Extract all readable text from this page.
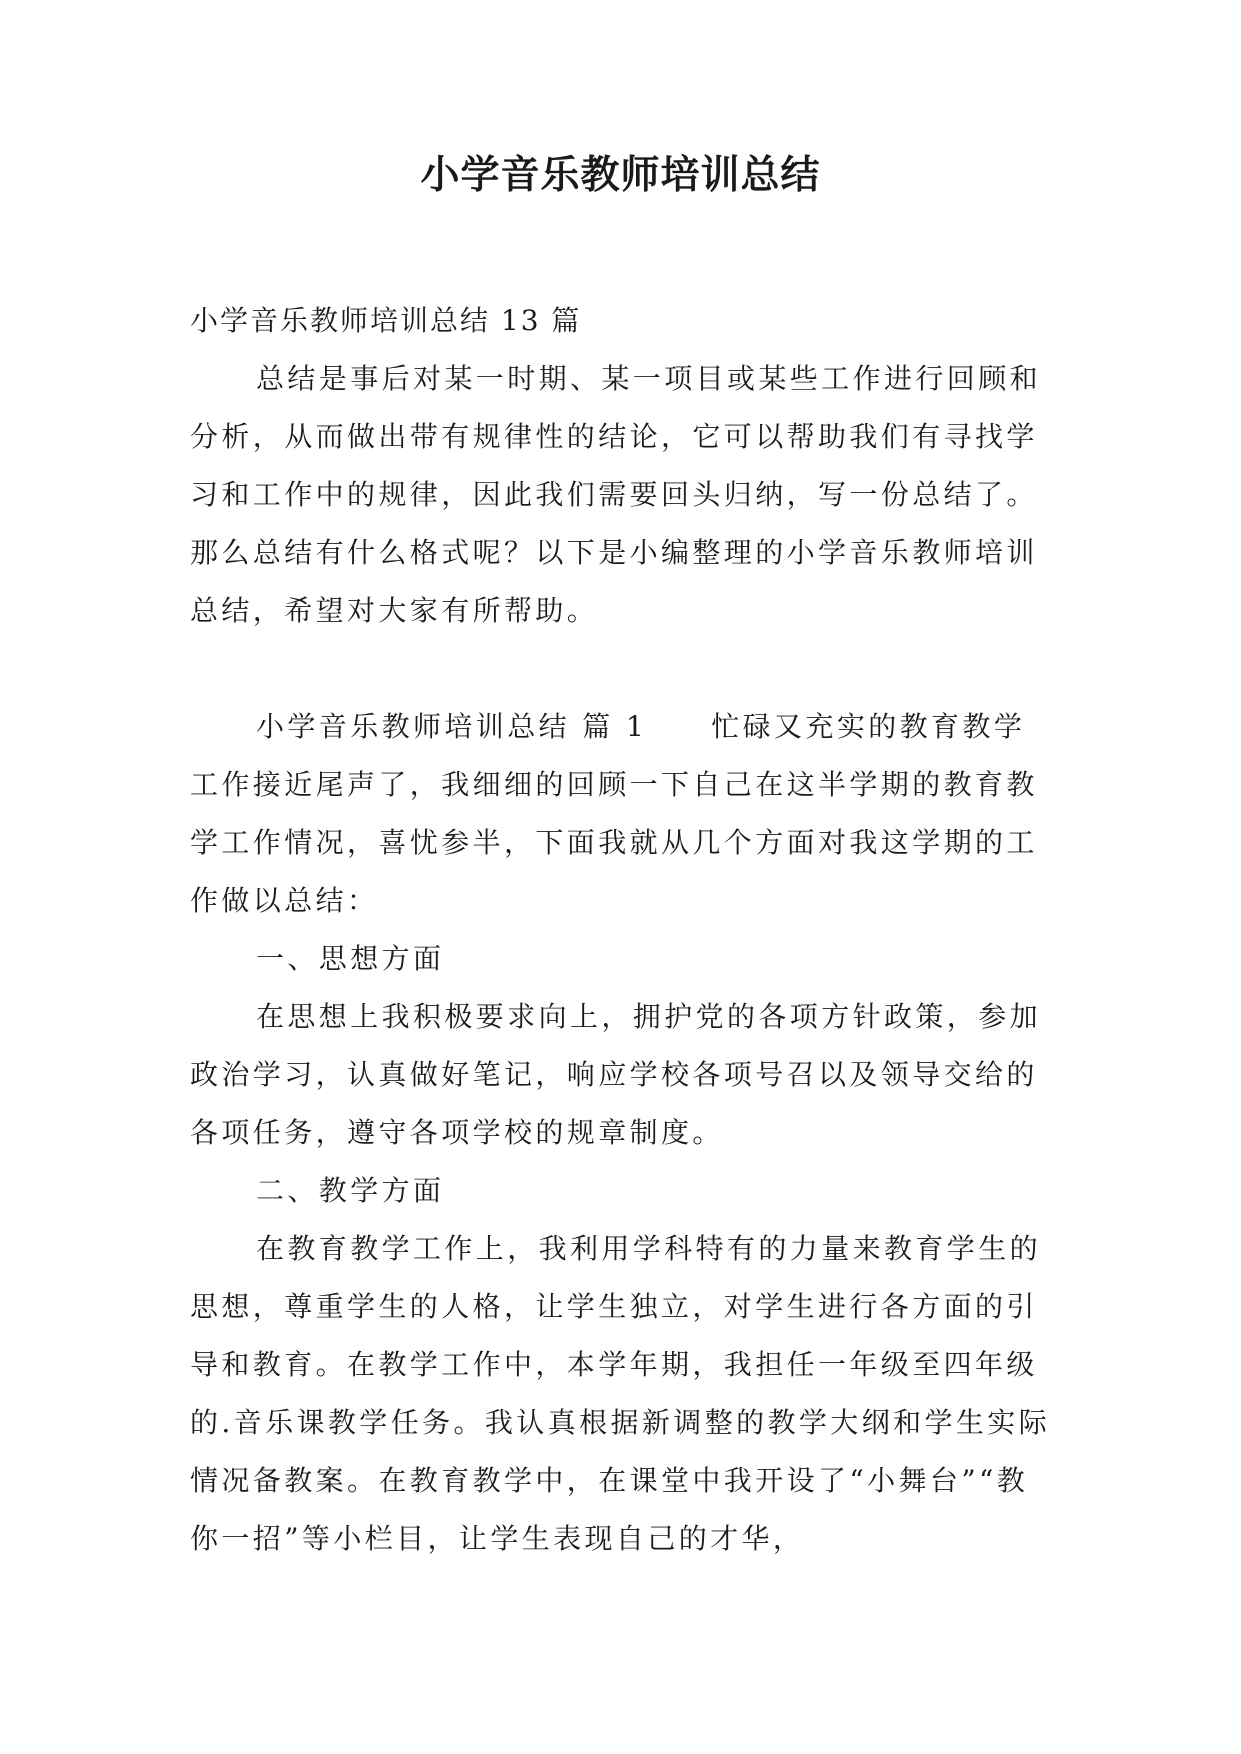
小学音乐教师培训总结

小学音乐教师培训总结 13 篇

总结是事后对某一时期、某一项目或某些工作进行回顾和分析，从而做出带有规律性的结论，它可以帮助我们有寻找学习和工作中的规律，因此我们需要回头归纳，写一份总结了。那么总结有什么格式呢？以下是小编整理的小学音乐教师培训总结，希望对大家有所帮助。

小学音乐教师培训总结 篇 1 忙碌又充实的教育教学工作接近尾声了，我细细的回顾一下自己在这半学期的教育教学工作情况，喜忧参半，下面我就从几个方面对我这学期的工作做以总结：

一、思想方面

在思想上我积极要求向上，拥护党的各项方针政策，参加政治学习，认真做好笔记，响应学校各项号召以及领导交给的各项任务，遵守各项学校的规章制度。

二、教学方面

在教育教学工作上，我利用学科特有的力量来教育学生的思想，尊重学生的人格，让学生独立，对学生进行各方面的引导和教育。在教学工作中，本学年期，我担任一年级至四年级的.音乐课教学任务。我认真根据新调整的教学大纲和学生实际情况备教案。在教育教学中，在课堂中我开设了“小舞台”“教你一招”等小栏目，让学生表现自己的才华，
